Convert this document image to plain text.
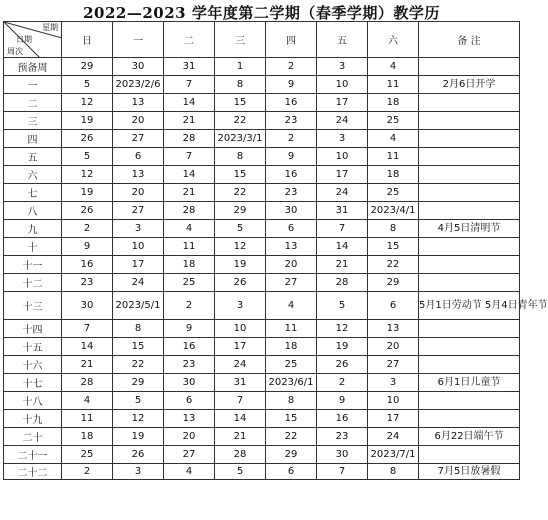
2022—2023 学年度第二学期（春季学期）教学历
星期
日期
周次	日	一	二	三	四	五	六	备 注
预备周	29	30	31	1	2	3	4	
一	5	2023/2/6	7	8	9	10	11	2月6日开学
二	12	13	14	15	16	17	18	
三	19	20	21	22	23	24	25	
四	26	27	28	2023/3/1	2	3	4	
五	5	6	7	8	9	10	11	
六	12	13	14	15	16	17	18	
七	19	20	21	22	23	24	25	
八	26	27	28	29	30	31	2023/4/1	
九	2	3	4	5	6	7	8	4月5日清明节
十	9	10	11	12	13	14	15	
十一	16	17	18	19	20	21	22	
十二	23	24	25	26	27	28	29	
十三	30	2023/5/1	2	3	4	5	6	5月1日劳动节 5月4日青年节
十四	7	8	9	10	11	12	13	
十五	14	15	16	17	18	19	20	
十六	21	22	23	24	25	26	27	
十七	28	29	30	31	2023/6/1	2	3	6月1日儿童节
十八	4	5	6	7	8	9	10	
十九	11	12	13	14	15	16	17	
二十	18	19	20	21	22	23	24	6月22日端午节
二十一	25	26	27	28	29	30	2023/7/1	
二十二	2	3	4	5	6	7	8	7月5日放暑假
